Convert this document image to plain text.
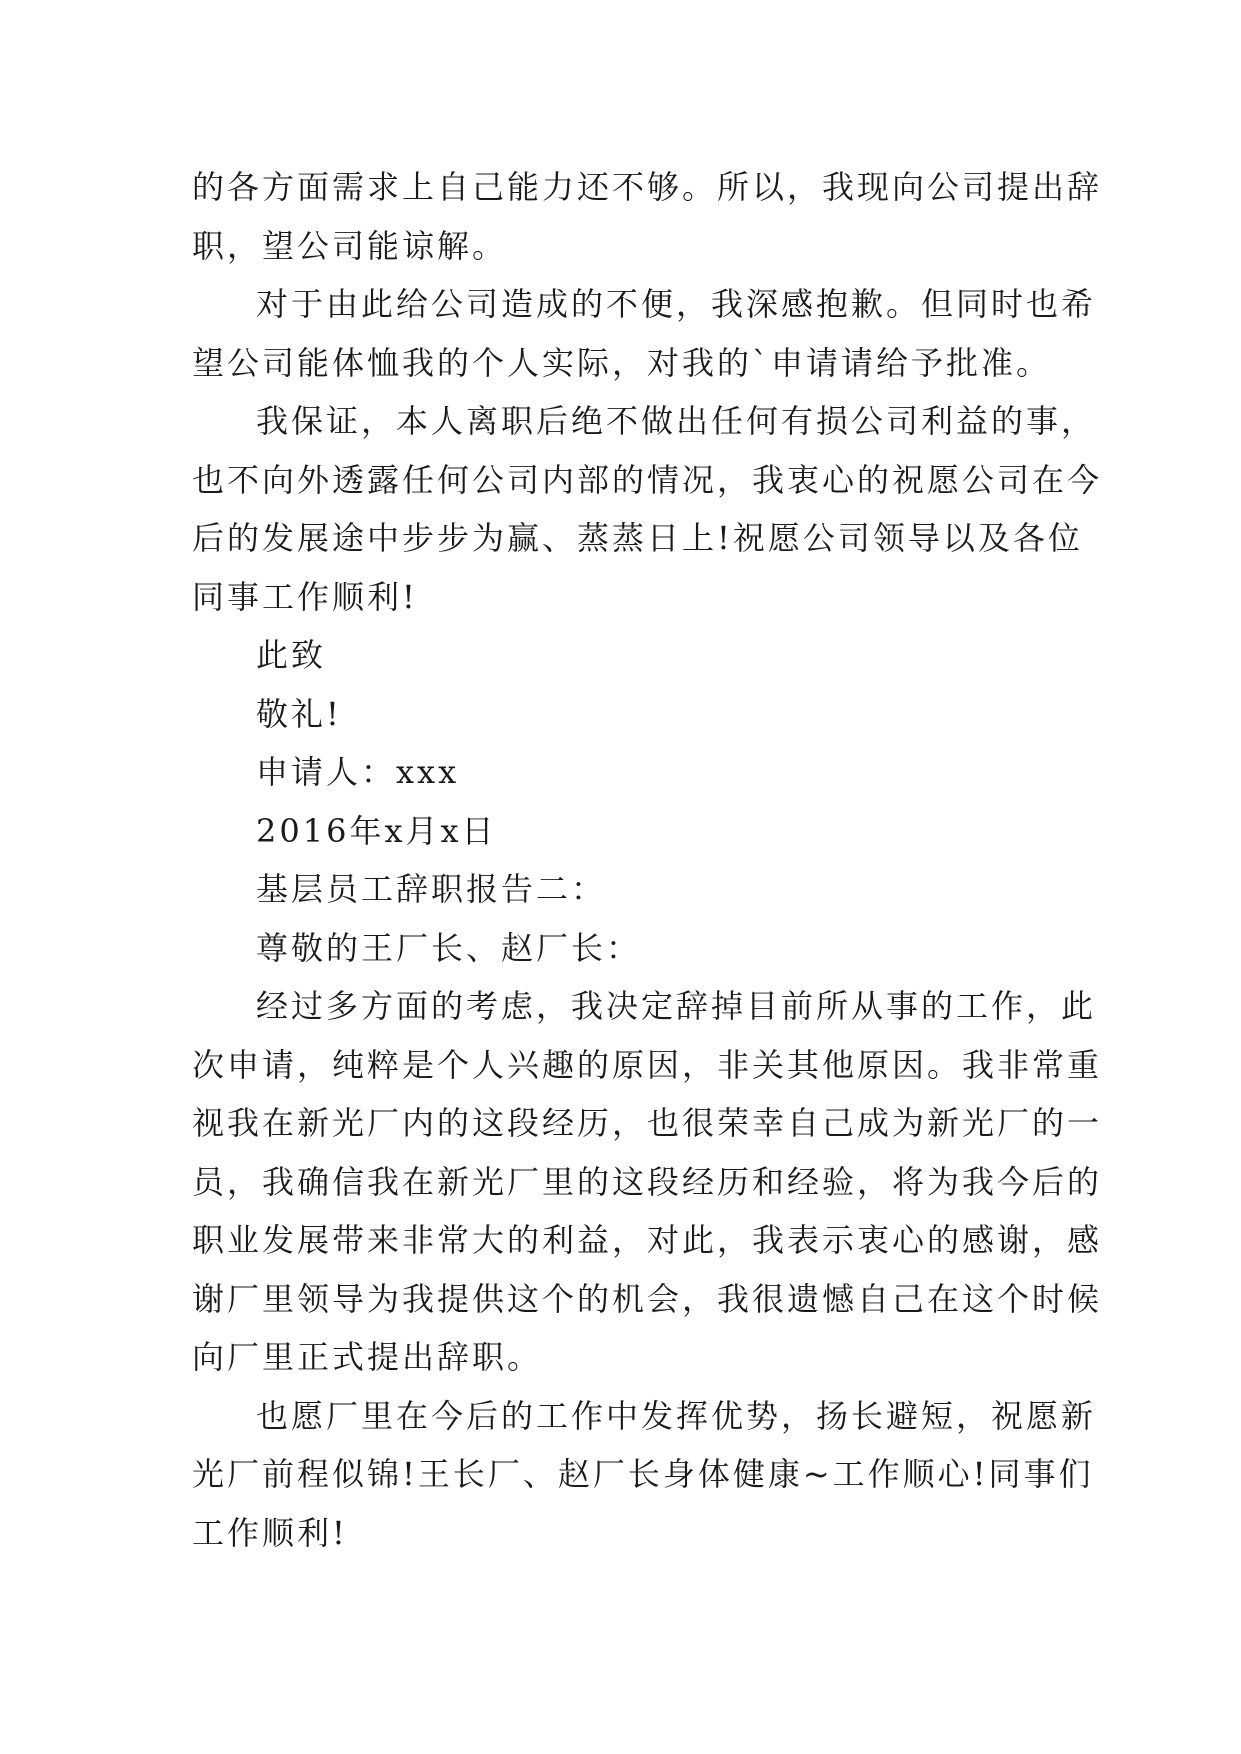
的各方面需求上自己能力还不够。所以，我现向公司提出辞
职，望公司能谅解。
对于由此给公司造成的不便，我深感抱歉。但同时也希
望公司能体恤我的个人实际，对我的`申请请给予批准。
我保证，本人离职后绝不做出任何有损公司利益的事，
也不向外透露任何公司内部的情况，我衷心的祝愿公司在今
后的发展途中步步为赢、蒸蒸日上!祝愿公司领导以及各位
同事工作顺利!
此致
敬礼!
申请人：xxx
2016年x月x日
基层员工辞职报告二：
尊敬的王厂长、赵厂长：
经过多方面的考虑，我决定辞掉目前所从事的工作，此
次申请，纯粹是个人兴趣的原因，非关其他原因。我非常重
视我在新光厂内的这段经历，也很荣幸自己成为新光厂的一
员，我确信我在新光厂里的这段经历和经验，将为我今后的
职业发展带来非常大的利益，对此，我表示衷心的感谢，感
谢厂里领导为我提供这个的机会，我很遗憾自己在这个时候
向厂里正式提出辞职。
也愿厂里在今后的工作中发挥优势，扬长避短，祝愿新
光厂前程似锦!王长厂、赵厂长身体健康~工作顺心!同事们
工作顺利!
